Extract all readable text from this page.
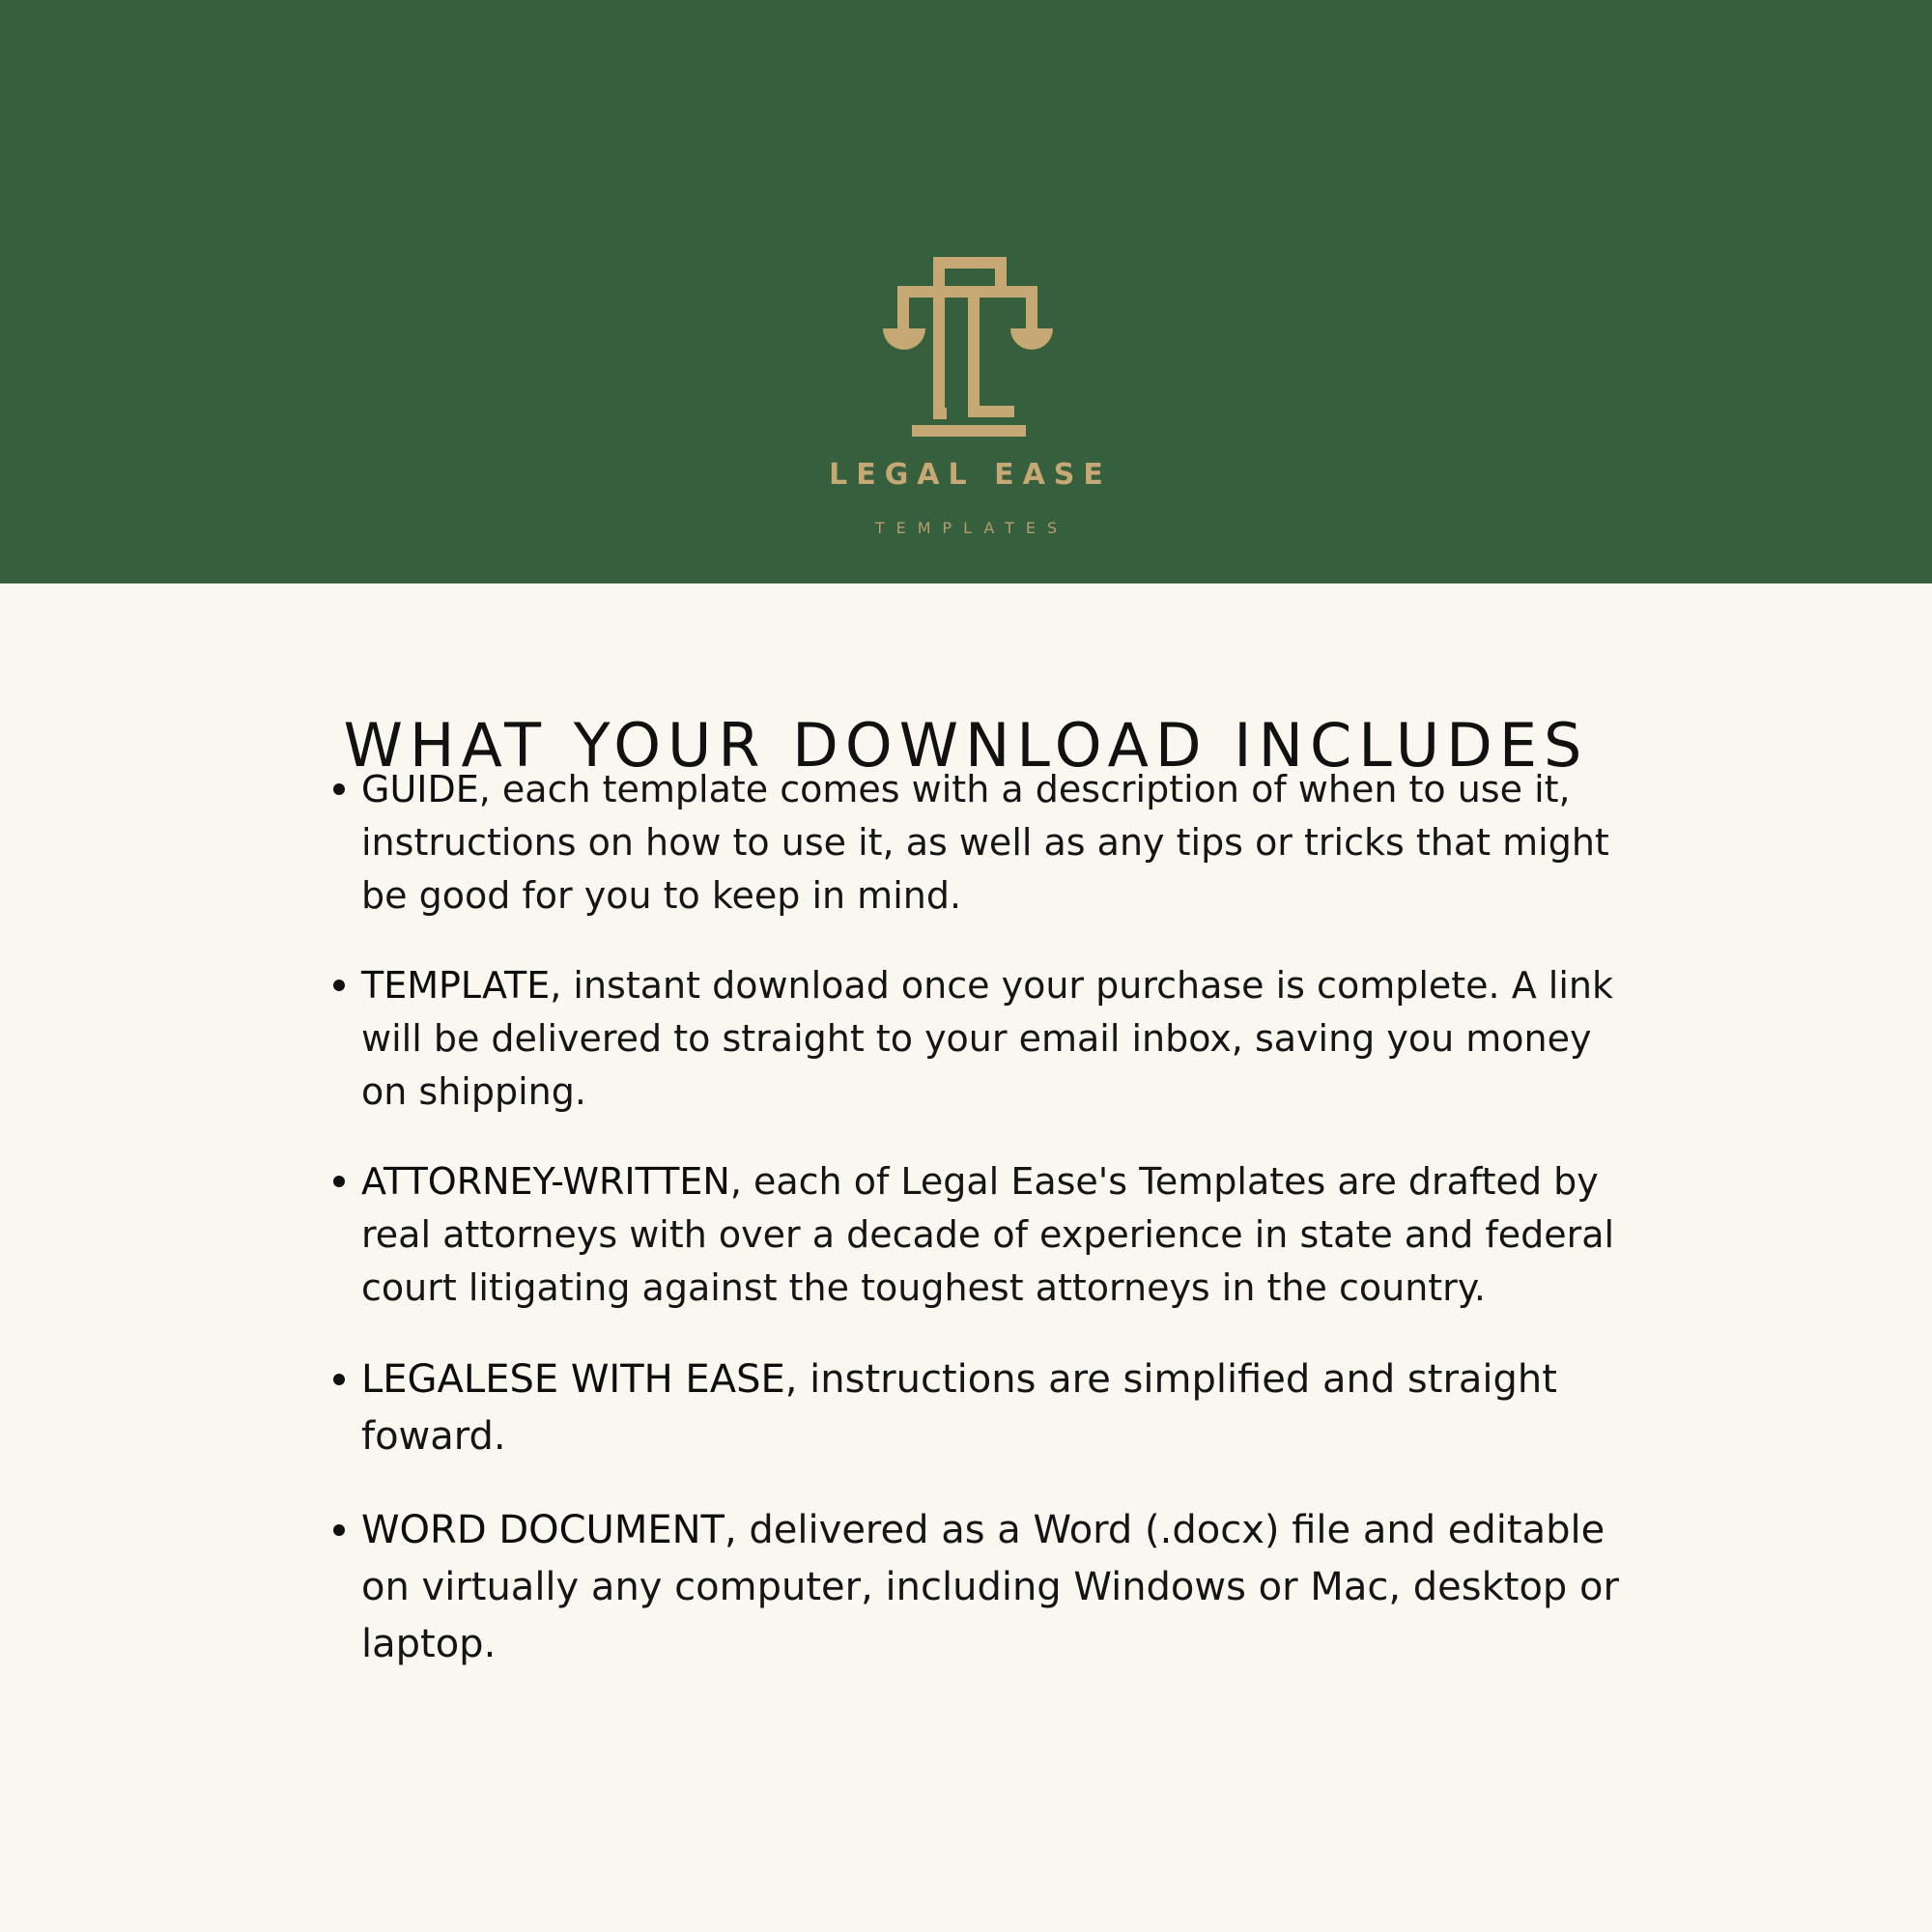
LEGAL EASE
TEMPLATES
WHAT YOUR DOWNLOAD INCLUDES
GUIDE, each template comes with a description of when to use it, instructions on how to use it, as well as any tips or tricks that might be good for you to keep in mind.
TEMPLATE, instant download once your purchase is complete. A link will be delivered to straight to your email inbox, saving you money on shipping.
ATTORNEY-WRITTEN, each of Legal Ease's Templates are drafted by real attorneys with over a decade of experience in state and federal court litigating against the toughest attorneys in the country.
LEGALESE WITH EASE, instructions are simplified and straight foward.
WORD DOCUMENT, delivered as a Word (.docx) file and editable on virtually any computer, including Windows or Mac, desktop or laptop.
